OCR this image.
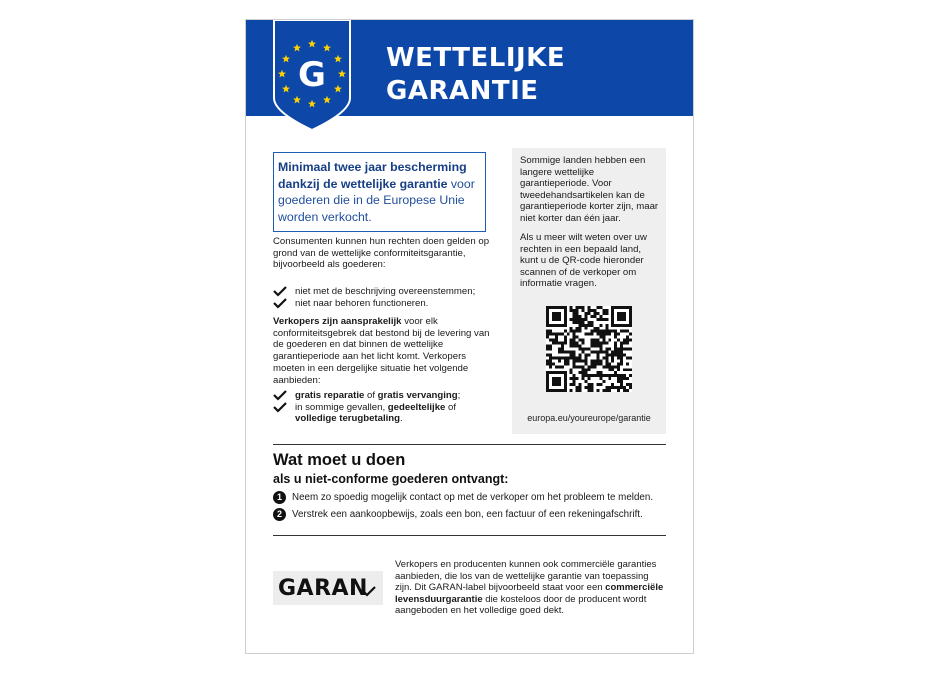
G WETTELIJKE
GARANTIE
Minimaal twee jaar bescherming dankzij de wettelijke garantie voor goederen die in de Europese Unie worden verkocht.
Consumenten kunnen hun rechten doen gelden op grond van de wettelijke conformiteitsgarantie, bijvoorbeeld als goederen:
niet met de beschrijving overeenstemmen;
niet naar behoren functioneren.
Verkopers zijn aansprakelijk voor elk conformiteitsgebrek dat bestond bij de levering van de goederen en dat binnen de wettelijke garantieperiode aan het licht komt. Verkopers moeten in een dergelijke situatie het volgende aanbieden:
gratis reparatie of gratis vervanging;
in sommige gevallen, gedeeltelijke of volledige terugbetaling.
Sommige landen hebben een langere wettelijke garantieperiode. Voor tweedehandsartikelen kan de garantieperiode korter zijn, maar niet korter dan één jaar.
Als u meer wilt weten over uw rechten in een bepaald land, kunt u de QR-code hieronder scannen of de verkoper om informatie vragen.
europa.eu/youreurope/garantie
Wat moet u doen
als u niet-conforme goederen ontvangt:
1 Neem zo spoedig mogelijk contact op met de verkoper om het probleem te melden.
2 Verstrek een aankoopbewijs, zoals een bon, een factuur of een rekeningafschrift.
GARAN
Verkopers en producenten kunnen ook commerciële garanties aanbieden, die los van de wettelijke garantie van toepassing zijn. Dit GARAN-label bijvoorbeeld staat voor een commerciële levensduurgarantie die kosteloos door de producent wordt aangeboden en het volledige goed dekt.
